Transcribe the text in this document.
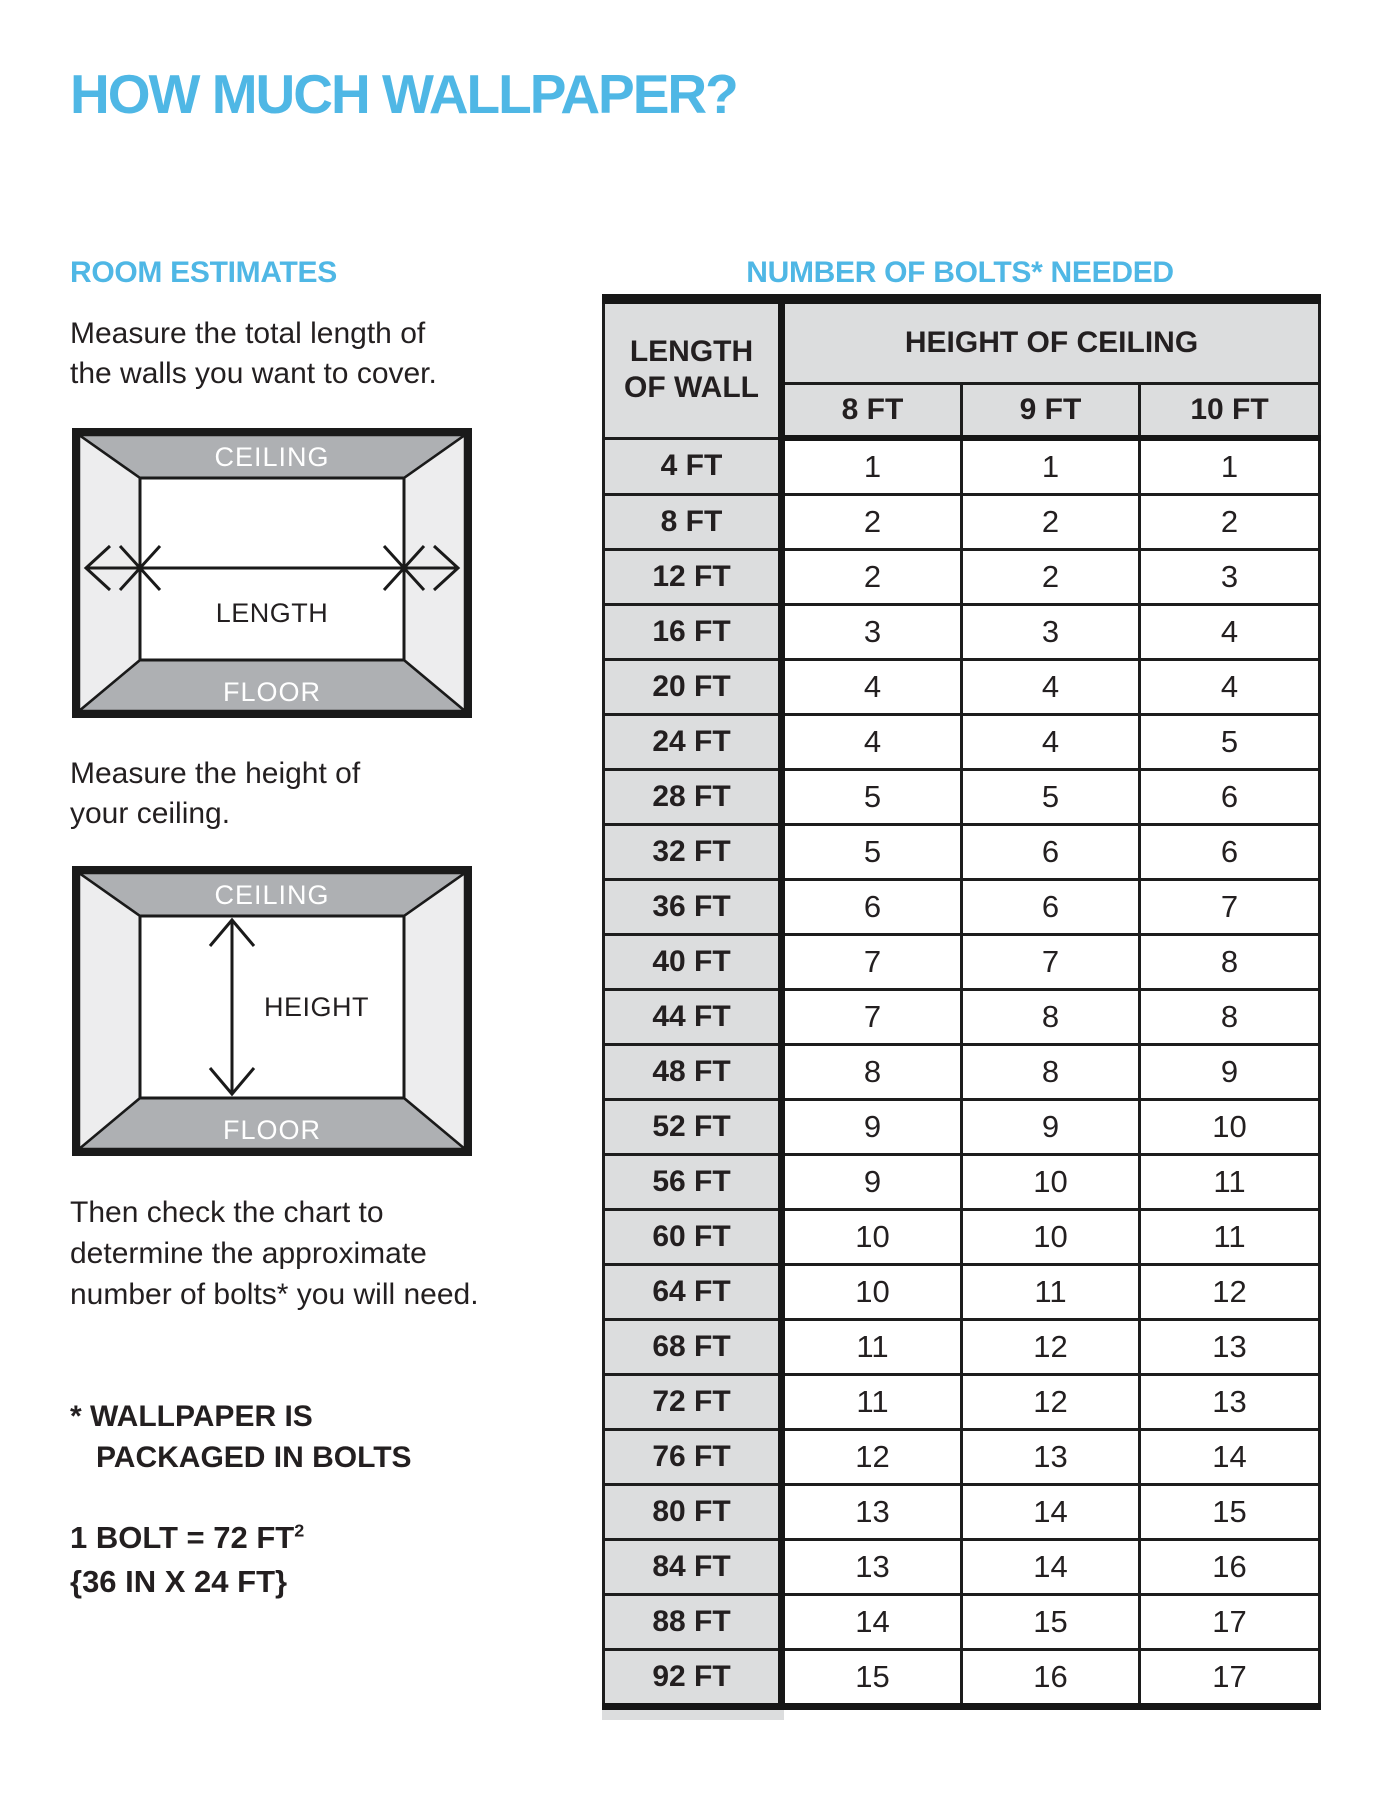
HOW MUCH WALLPAPER?
ROOM ESTIMATES
Measure the total length of
the walls you want to cover.
CEILING
FLOOR
LENGTH
Measure the height of
your ceiling.
CEILING
FLOOR
HEIGHT
Then check the chart to
determine the approximate
number of bolts* you will need.
* WALLPAPER IS
PACKAGED IN BOLTS
1 BOLT = 72 $FT^2$
{36 IN X 24 FT}
NUMBER OF BOLTS* NEEDED
LENGTH OF WALL	HEIGHT OF CEILING		
	8 FT	9 FT	10 FT
4 FT	1	1	1
8 FT	2	2	2
12 FT	2	2	3
16 FT	3	3	4
20 FT	4	4	4
24 FT	4	4	5
28 FT	5	5	6
32 FT	5	6	6
36 FT	6	6	7
40 FT	7	7	8
44 FT	7	8	8
48 FT	8	8	9
52 FT	9	9	10
56 FT	9	10	11
60 FT	10	10	11
64 FT	10	11	12
68 FT	11	12	13
72 FT	11	12	13
76 FT	12	13	14
80 FT	13	14	15
84 FT	13	14	16
88 FT	14	15	17
92 FT	15	16	17
